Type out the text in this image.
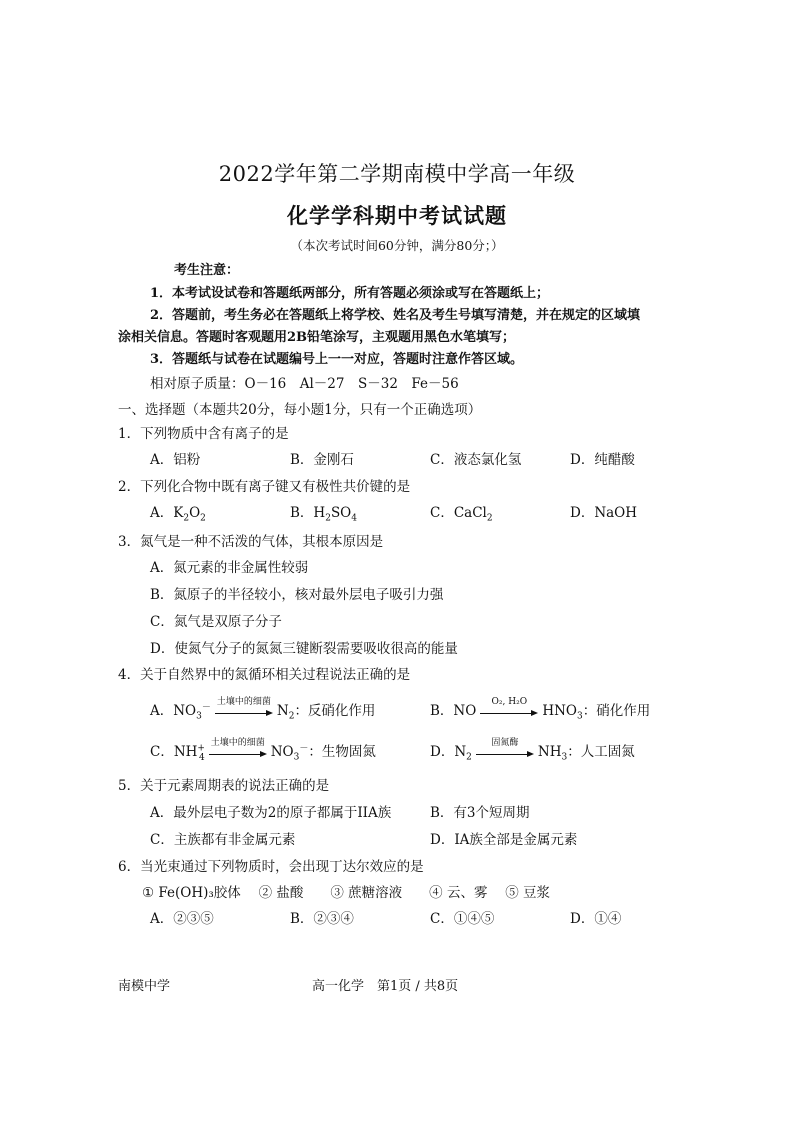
2022学年第二学期南模中学高一年级
化学学科期中考试试题
（本次考试时间60分钟，满分80分；）
考生注意：
1．本考试设试卷和答题纸两部分，所有答题必须涂或写在答题纸上；
2．答题前，考生务必在答题纸上将学校、姓名及考生号填写清楚，并在规定的区域填
涂相关信息。答题时客观题用2B铅笔涂写，主观题用黑色水笔填写；
3．答题纸与试卷在试题编号上一一对应，答题时注意作答区域。
相对原子质量：O－16　Al－27　S－32　Fe－56
一、选择题（本题共20分，每小题1分，只有一个正确选项）
1．下列物质中含有离子的是
A．铝粉	B．金刚石	C．液态氯化氢	D．纯醋酸
2．下列化合物中既有离子键又有极性共价键的是
A．$K_2O_2$	B．$H_2SO_4$	C．CaCl$_2$	D．NaOH
3．氮气是一种不活泼的气体，其根本原因是
A．氮元素的非金属性较弱
B．氮原子的半径较小，核对最外层电子吸引力强
C．氮气是双原子分子
D．使氮气分子的氮氮三键断裂需要吸收很高的能量
4．关于自然界中的氮循环相关过程说法正确的是
A．$NO_3^-$
土壤中的细菌
$N_2$：反硝化作用	B．NO
O₂, H₂O
$HNO_3$：硝化作用
C．$NH^+_4$
土壤中的细菌
$NO_3^-$：生物固氮	D．$N_2$
固氮酶
$NH_3$：人工固氮
5．关于元素周期表的说法正确的是
A．最外层电子数为2的原子都属于IIA族	B．有3个短周期
C．主族都有非金属元素	D．IA族全部是金属元素
6．当光束通过下列物质时，会出现丁达尔效应的是
① Fe(OH)₃胶体　 ② 盐酸　　③ 蔗糖溶液　　④ 云、雾　 ⑤ 豆浆
A．②③⑤	B．②③④	C．①④⑤	D．①④
南模中学	高一化学　第1页 / 共8页
